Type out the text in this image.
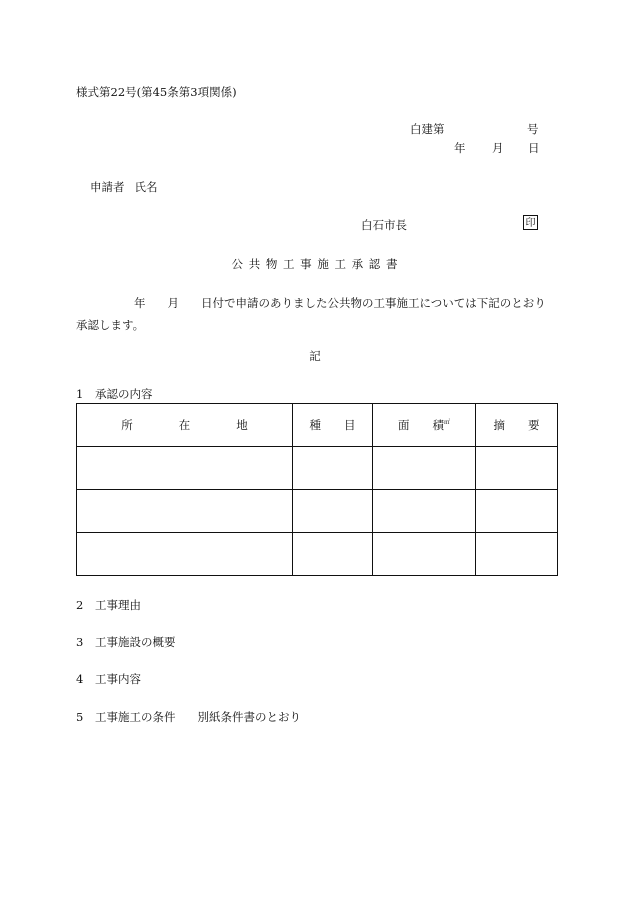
様式第22号(第45条第3項関係)
白建第	号
年 月 日
申請者 氏名
白石市長	印
公 共 物 工 事 施 工 承 認 書
年 月 日付で申請のありました公共物の工事施工については下記のとおり承認します。
記
1 承認の内容
所　　　　在　　　　地	種　　目	面　　積㎡	摘　　要

2 工事理由
3 工事施設の概要
4 工事内容
5 工事施工の条件 別紙条件書のとおり
